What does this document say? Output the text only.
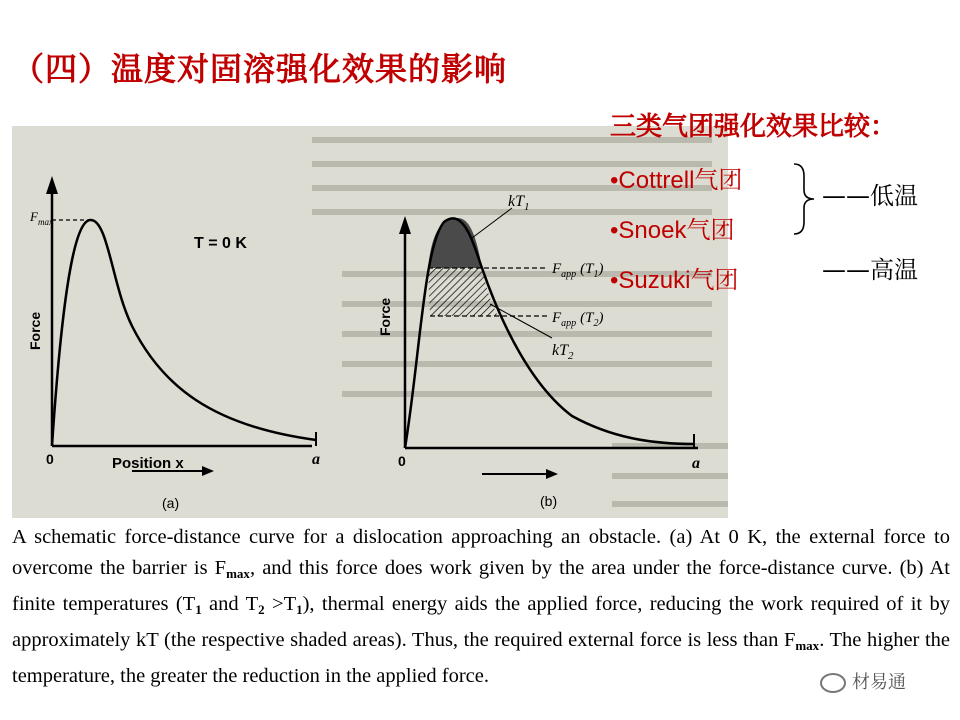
（四）温度对固溶强化效果的影响
$F_{max}$
T = 0 K
Force
0	a
Position x
(a)
$kT_1$
$kT_2$
$F_{app}$ $(T_1)$
$F_{app}$ $(T_2)$
Force
0	a
(b)
三类气团强化效果比较：
•Cottrell气团
•Snoek气团
•Suzuki气团
——低温
——高温
A schematic force-distance curve for a dislocation approaching an obstacle. (a) At 0 K, the external force to overcome the barrier is $F_{max}$, and this force does work given by the area under the force-distance curve. (b) At finite temperatures ($T_1$ and $T_2 >T_1$), thermal energy aids the applied force, reducing the work required of it by approximately kT (the respective shaded areas). Thus, the required external force is less than $F_{max}$. The higher the temperature, the greater the reduction in the applied force.	材易通
